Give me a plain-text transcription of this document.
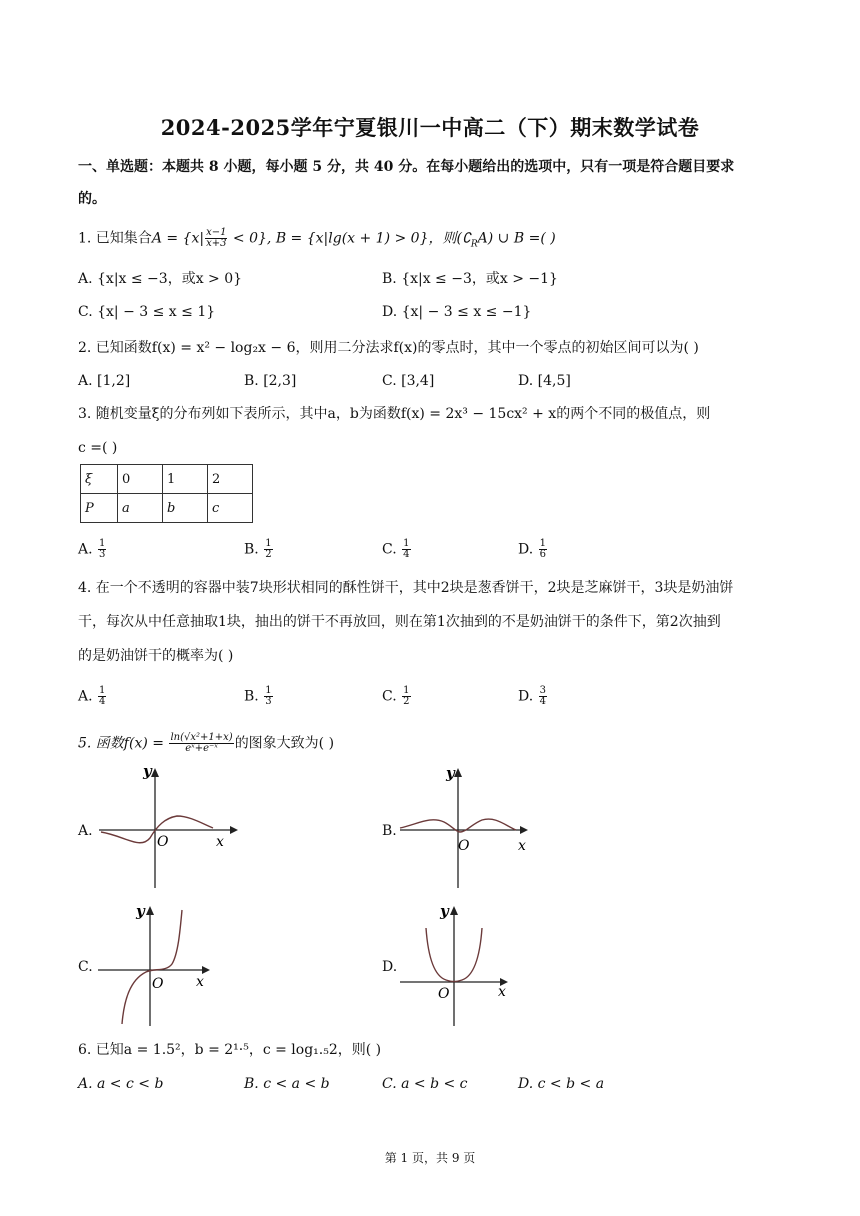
2024-2025学年宁夏银川一中高二（下）期末数学试卷
一、单选题：本题共 8 小题，每小题 5 分，共 40 分。在每小题给出的选项中，只有一项是符合题目要求
的。
1. 已知集合$A = \{x| \frac{x-1}{x+3} < 0\}$, B = {x|lg(x + 1) > 0}，则$(∁_RA)$ ∪ B =( )
A. {x|x ≤ −3，或x > 0}	B. {x|x ≤ −3，或x > −1}
C. {x| − 3 ≤ x ≤ 1}	D. {x| − 3 ≤ x ≤ −1}
2. 已知函数f(x) = x² − log₂x − 6，则用二分法求f(x)的零点时，其中一个零点的初始区间可以为( )
A. [1,2]	B. [2,3]	C. [3,4]	D. [4,5]
3. 随机变量ξ的分布列如下表所示，其中a，b为函数f(x) = 2x³ − 15cx² + x的两个不同的极值点，则
c =( )
ξ	0	1	2
P	a	b	c
A. $\frac{1}{3}$	B. $\frac{1}{2}$	C. $\frac{1}{4}$	D. $\frac{1}{6}$
4. 在一个不透明的容器中装7块形状相同的酥性饼干，其中2块是葱香饼干，2块是芝麻饼干，3块是奶油饼
干，每次从中任意抽取1块，抽出的饼干不再放回，则在第1次抽到的不是奶油饼干的条件下，第2次抽到
的是奶油饼干的概率为( )
A. $\frac{1}{4}$	B. $\frac{1}{3}$	C. $\frac{1}{2}$	D. $\frac{3}{4}$
5. 函数$f(x) = \frac{\text{ln(√x²+1+x)}}{\text{eˣ+e⁻ˣ}}$ 的图象大致为( )
A.
y
O	x
B.
y
O	x
C.
y
O x
D.
y
O	x
6. 已知a = 1.5²，b = 2¹·⁵，c = log₁.₅2，则( )
A. a < c < b	B. c < a < b	C. a < b < c	D. c < b < a
第 1 页，共 9 页
